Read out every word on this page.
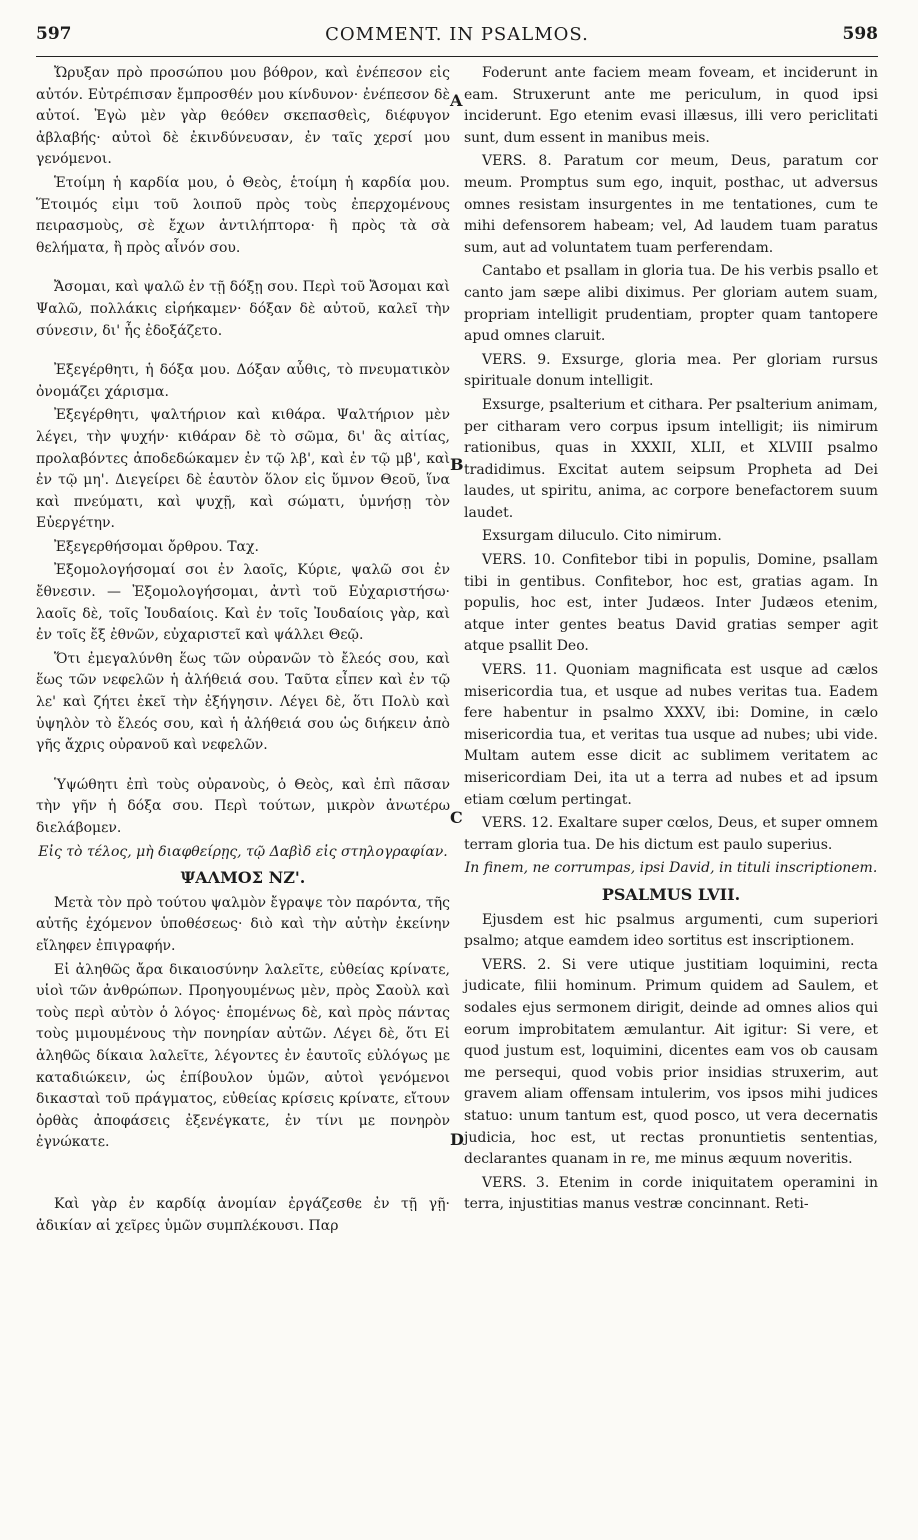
597	COMMENT. IN PSALMOS.	598

Ὤρυξαν πρὸ προσώπου μου βόθρον, καὶ ἐνέπεσον εἰς αὐτόν. Εὐτρέπισαν ἔμπροσθέν μου κίνδυνον· ἐνέπεσον δὲ αὐτοί. Ἐγὼ μὲν γὰρ θεόθεν σκεπασθεὶς, διέφυγον ἀβλαβής· αὐτοὶ δὲ ἐκινδύνευσαν, ἐν ταῖς χερσί μου γενόμενοι.

Ἑτοίμη ἡ καρδία μου, ὁ Θεὸς, ἑτοίμη ἡ καρδία μου. Ἕτοιμός εἰμι τοῦ λοιποῦ πρὸς τοὺς ἐπερχομένους πειρασμοὺς, σὲ ἔχων ἀντιλήπτορα· ἢ πρὸς τὰ σὰ θελήματα, ἢ πρὸς αἶνόν σου.

Ἄσομαι, καὶ ψαλῶ ἐν τῇ δόξῃ σου. Περὶ τοῦ Ἄσομαι καὶ Ψαλῶ, πολλάκις εἰρήκαμεν· δόξαν δὲ αὐτοῦ, καλεῖ τὴν σύνεσιν, δι' ἧς ἐδοξάζετο.

Ἐξεγέρθητι, ἡ δόξα μου. Δόξαν αὖθις, τὸ πνευματικὸν ὀνομάζει χάρισμα.

Ἐξεγέρθητι, ψαλτήριον καὶ κιθάρα. Ψαλτήριον μὲν λέγει, τὴν ψυχήν· κιθάραν δὲ τὸ σῶμα, δι' ἃς αἰτίας, προλαβόντες ἀποδεδώκαμεν ἐν τῷ λβ', καὶ ἐν τῷ μβ', καὶ ἐν τῷ μη'. Διεγείρει δὲ ἑαυτὸν ὅλον εἰς ὕμνον Θεοῦ, ἵνα καὶ πνεύματι, καὶ ψυχῇ, καὶ σώματι, ὑμνήσῃ τὸν Εὐεργέτην.

Ἐξεγερθήσομαι ὄρθρου. Ταχ.

Ἐξομολογήσομαί σοι ἐν λαοῖς, Κύριε, ψαλῶ σοι ἐν ἔθνεσιν. — Ἐξομολογήσομαι, ἀντὶ τοῦ Εὐχαριστήσω· λαοῖς δὲ, τοῖς Ἰουδαίοις. Καὶ ἐν τοῖς Ἰουδαίοις γὰρ, καὶ ἐν τοῖς ἔξ ἐθνῶν, εὐχαριστεῖ καὶ ψάλλει Θεῷ.

Ὅτι ἐμεγαλύνθη ἕως τῶν οὐρανῶν τὸ ἔλεός σου, καὶ ἕως τῶν νεφελῶν ἡ ἀλήθειά σου. Ταῦτα εἶπεν καὶ ἐν τῷ λε' καὶ ζήτει ἐκεῖ τὴν ἐξήγησιν. Λέγει δὲ, ὅτι Πολὺ καὶ ὑψηλὸν τὸ ἔλεός σου, καὶ ἡ ἀλήθειά σου ὡς διήκειν ἀπὸ γῆς ἄχρις οὐρανοῦ καὶ νεφελῶν.

Ὑψώθητι ἐπὶ τοὺς οὐρανοὺς, ὁ Θεὸς, καὶ ἐπὶ πᾶσαν τὴν γῆν ἡ δόξα σου. Περὶ τούτων, μικρὸν ἀνωτέρω διελάβομεν.

Εἰς τὸ τέλος, μὴ διαφθείρῃς, τῷ Δαβὶδ εἰς στηλογραφίαν.

ΨΑΛΜΟΣ ΝΖ'.

Μετὰ τὸν πρὸ τούτου ψαλμὸν ἔγραψε τὸν παρόντα, τῆς αὐτῆς ἐχόμενον ὑποθέσεως· διὸ καὶ τὴν αὐτὴν ἐκείνην εἴληφεν ἐπιγραφήν.

Εἰ ἀληθῶς ἄρα δικαιοσύνην λαλεῖτε, εὐθείας κρίνατε, υἱοὶ τῶν ἀνθρώπων. Προηγουμένως μὲν, πρὸς Σαοὺλ καὶ τοὺς περὶ αὐτὸν ὁ λόγος· ἑπομένως δὲ, καὶ πρὸς πάντας τοὺς μιμουμένους τὴν πονηρίαν αὐτῶν. Λέγει δὲ, ὅτι Εἰ ἀληθῶς δίκαια λαλεῖτε, λέγοντες ἐν ἑαυτοῖς εὐλόγως με καταδιώκειν, ὡς ἐπίβουλον ὑμῶν, αὐτοὶ γενόμενοι δικασταὶ τοῦ πράγματος, εὐθείας κρίσεις κρίνατε, εἴτουν ὀρθὰς ἀποφάσεις ἐξενέγκατε, ἐν τίνι με πονηρὸν ἐγνώκατε.

Καὶ γὰρ ἐν καρδίᾳ ἀνομίαν ἐργάζεσθε ἐν τῇ γῇ· ἀδικίαν αἱ χεῖρες ὑμῶν συμπλέκουσι. Παρ

Foderunt ante faciem meam foveam, et inciderunt in eam. Struxerunt ante me periculum, in quod ipsi inciderunt. Ego etenim evasi illæsus, illi vero periclitati sunt, dum essent in manibus meis.

VERS. 8. Paratum cor meum, Deus, paratum cor meum. Promptus sum ego, inquit, posthac, ut adversus omnes resistam insurgentes in me tentationes, cum te mihi defensorem habeam; vel, Ad laudem tuam paratus sum, aut ad voluntatem tuam perferendam.

Cantabo et psallam in gloria tua. De his verbis psallo et canto jam sæpe alibi diximus. Per gloriam autem suam, propriam intelligit prudentiam, propter quam tantopere apud omnes claruit.

VERS. 9. Exsurge, gloria mea. Per gloriam rursus spirituale donum intelligit.

Exsurge, psalterium et cithara. Per psalterium animam, per citharam vero corpus ipsum intelligit; iis nimirum rationibus, quas in XXXII, XLII, et XLVIII psalmo tradidimus. Excitat autem seipsum Propheta ad Dei laudes, ut spiritu, anima, ac corpore benefactorem suum laudet.

Exsurgam diluculo. Cito nimirum.

VERS. 10. Confitebor tibi in populis, Domine, psallam tibi in gentibus. Confitebor, hoc est, gratias agam. In populis, hoc est, inter Judæos. Inter Judæos etenim, atque inter gentes beatus David gratias semper agit atque psallit Deo.

VERS. 11. Quoniam magnificata est usque ad cælos misericordia tua, et usque ad nubes veritas tua. Eadem fere habentur in psalmo XXXV, ibi: Domine, in cælo misericordia tua, et veritas tua usque ad nubes; ubi vide. Multam autem esse dicit ac sublimem veritatem ac misericordiam Dei, ita ut a terra ad nubes et ad ipsum etiam cœlum pertingat.

VERS. 12. Exaltare super cœlos, Deus, et super omnem terram gloria tua. De his dictum est paulo superius.

In finem, ne corrumpas, ipsi David, in tituli inscriptionem.

PSALMUS LVII.

Ejusdem est hic psalmus argumenti, cum superiori psalmo; atque eamdem ideo sortitus est inscriptionem.

VERS. 2. Si vere utique justitiam loquimini, recta judicate, filii hominum. Primum quidem ad Saulem, et sodales ejus sermonem dirigit, deinde ad omnes alios qui eorum improbitatem æmulantur. Ait igitur: Si vere, et quod justum est, loquimini, dicentes eam vos ob causam me persequi, quod vobis prior insidias struxerim, aut gravem aliam offensam intulerim, vos ipsos mihi judices statuo: unum tantum est, quod posco, ut vera decernatis judicia, hoc est, ut rectas pronuntietis sententias, declarantes quanam in re, me minus æquum noveritis.

VERS. 3. Etenim in corde iniquitatem operamini in terra, injustitias manus vestræ concinnant. Reti-

A
B
C
D
